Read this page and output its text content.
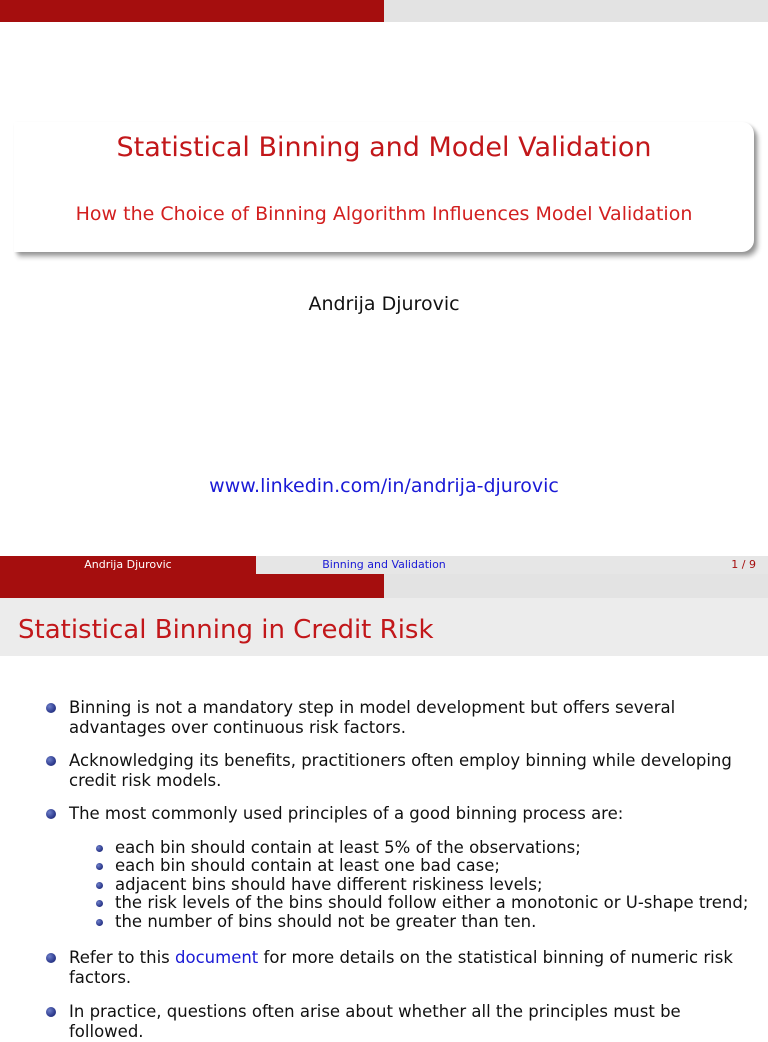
Statistical Binning and Model Validation
How the Choice of Binning Algorithm Influences Model Validation
Andrija Djurovic
www.linkedin.com/in/andrija-djurovic
Andrija Djurovic	Binning and Validation	1 / 9
Statistical Binning in Credit Risk
Binning is not a mandatory step in model development but offers several advantages over continuous risk factors.
Acknowledging its benefits, practitioners often employ binning while developing credit risk models.
The most commonly used principles of a good binning process are:
each bin should contain at least 5% of the observations;
each bin should contain at least one bad case;
adjacent bins should have different riskiness levels;
the risk levels of the bins should follow either a monotonic or U-shape trend;
the number of bins should not be greater than ten.
Refer to this document for more details on the statistical binning of numeric risk factors.
In practice, questions often arise about whether all the principles must be followed.
